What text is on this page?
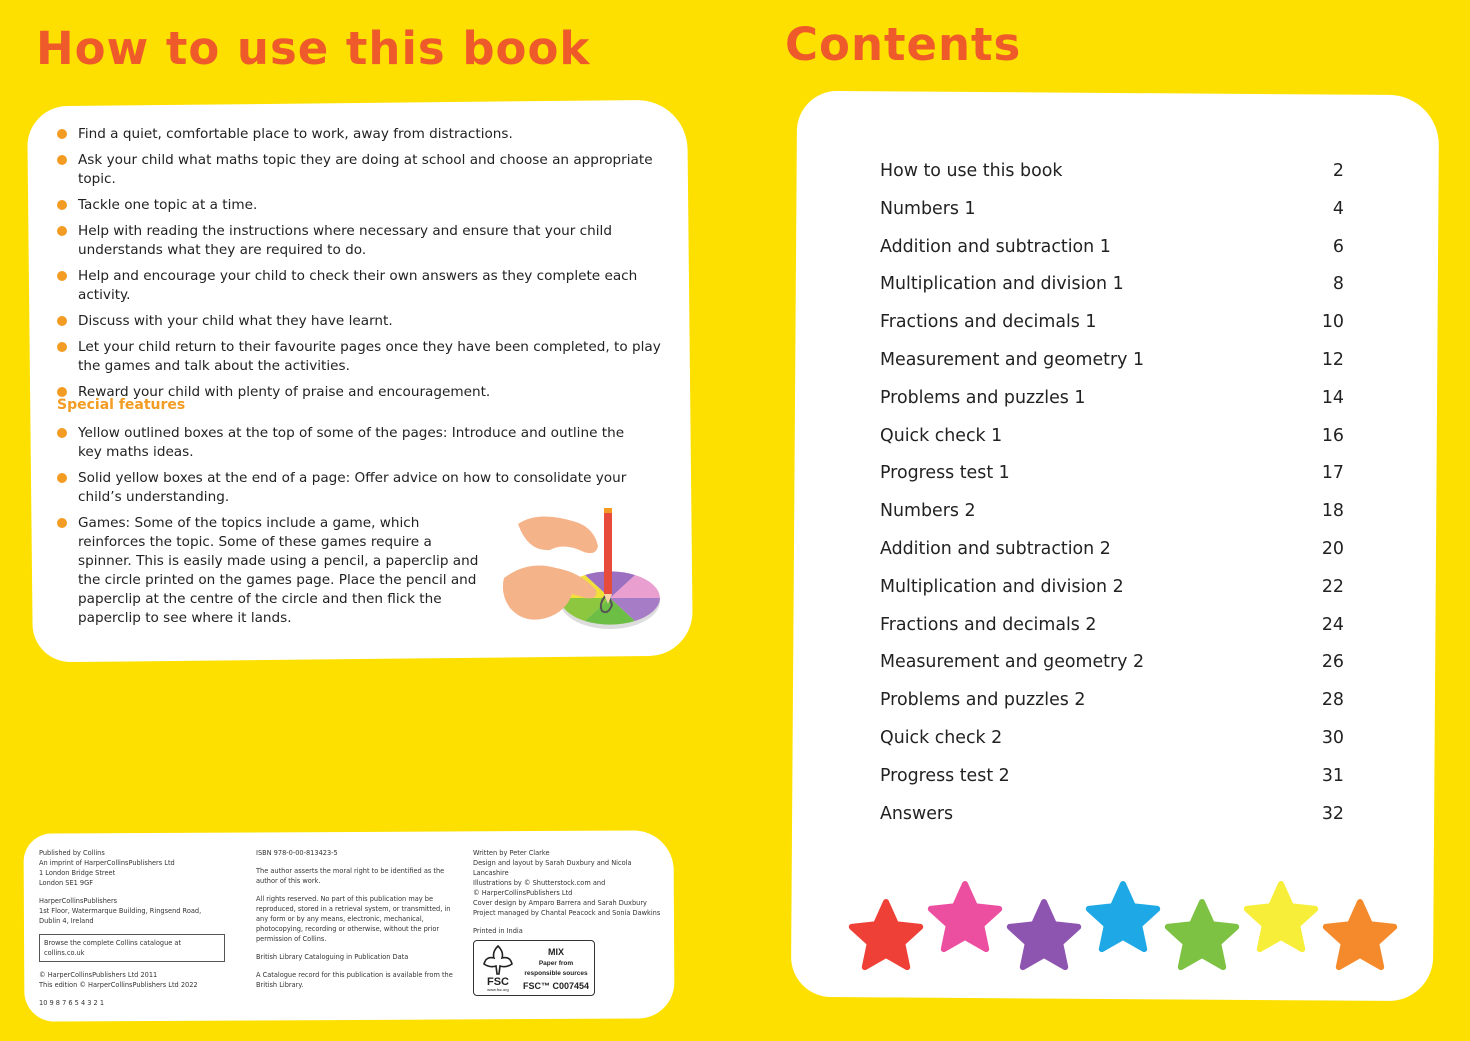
How to use this book	Contents
Find a quiet, comfortable place to work, away from distractions.
Ask your child what maths topic they are doing at school and choose an appropriate topic.
Tackle one topic at a time.
Help with reading the instructions where necessary and ensure that your child understands what they are required to do.
Help and encourage your child to check their own answers as they complete each activity.
Discuss with your child what they have learnt.
Let your child return to their favourite pages once they have been completed, to play the games and talk about the activities.
Reward your child with plenty of praise and encouragement.
Special features
Yellow outlined boxes at the top of some of the pages: Introduce and outline the key maths ideas.
Solid yellow boxes at the end of a page: Offer advice on how to consolidate your child’s understanding.
Games: Some of the topics include a game, which reinforces the topic. Some of these games require a spinner. This is easily made using a pencil, a paperclip and the circle printed on the games page. Place the pencil and paperclip at the centre of the circle and then flick the paperclip to see where it lands.

Published by Collins
An imprint of HarperCollinsPublishers Ltd
1 London Bridge Street
London SE1 9GF

HarperCollinsPublishers
1st Floor, Watermarque Building, Ringsend Road,
Dublin 4, Ireland

Browse the complete Collins catalogue at collins.co.uk

© HarperCollinsPublishers Ltd 2011
This edition © HarperCollinsPublishers Ltd 2022

10 9 8 7 6 5 4 3 2 1

ISBN 978-0-00-813423-5

The author asserts the moral right to be identified as the author of this work.

All rights reserved. No part of this publication may be reproduced, stored in a retrieval system, or transmitted, in any form or by any means, electronic, mechanical, photocopying, recording or otherwise, without the prior permission of Collins.

British Library Cataloguing in Publication Data

A Catalogue record for this publication is available from the British Library.

Written by Peter Clarke
Design and layout by Sarah Duxbury and Nicola Lancashire
Illustrations by © Shutterstock.com and
© HarperCollinsPublishers Ltd
Cover design by Amparo Barrera and Sarah Duxbury
Project managed by Chantal Peacock and Sonia Dawkins

Printed in India

FSC
www.fsc.org
MIX
Paper from
responsible sources
FSC™ C007454
How to use this book	2
Numbers 1	4
Addition and subtraction 1	6
Multiplication and division 1	8
Fractions and decimals 1	10
Measurement and geometry 1	12
Problems and puzzles 1	14
Quick check 1	16
Progress test 1	17
Numbers 2	18
Addition and subtraction 2	20
Multiplication and division 2	22
Fractions and decimals 2	24
Measurement and geometry 2	26
Problems and puzzles 2	28
Quick check 2	30
Progress test 2	31
Answers	32
